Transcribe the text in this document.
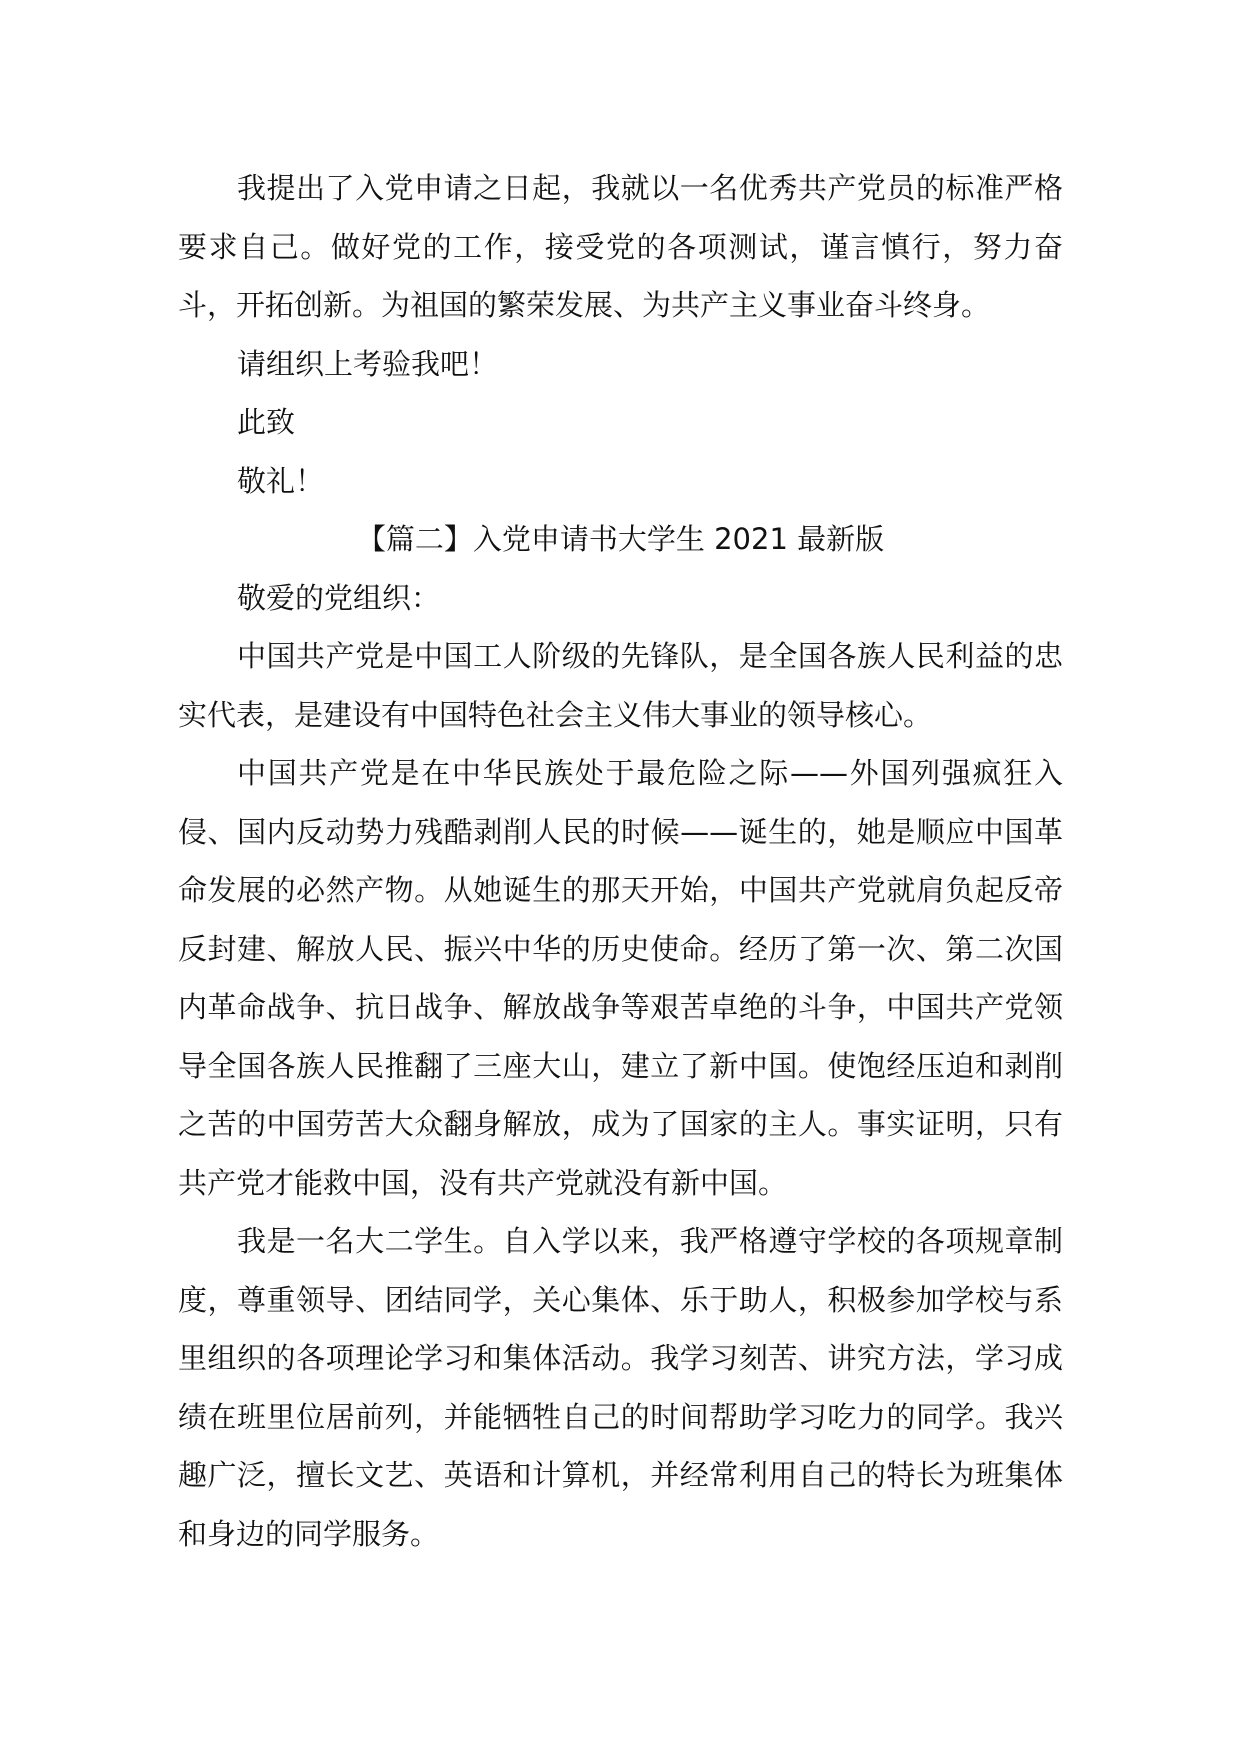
我提出了入党申请之日起，我就以一名优秀共产党员的标准严格要求自己。做好党的工作，接受党的各项测试，谨言慎行，努力奋斗，开拓创新。为祖国的繁荣发展、为共产主义事业奋斗终身。

请组织上考验我吧！

此致

敬礼！

【篇二】入党申请书大学生 2021 最新版

敬爱的党组织：

中国共产党是中国工人阶级的先锋队，是全国各族人民利益的忠实代表，是建设有中国特色社会主义伟大事业的领导核心。

中国共产党是在中华民族处于最危险之际——外国列强疯狂入侵、国内反动势力残酷剥削人民的时候——诞生的，她是顺应中国革命发展的必然产物。从她诞生的那天开始，中国共产党就肩负起反帝反封建、解放人民、振兴中华的历史使命。经历了第一次、第二次国内革命战争、抗日战争、解放战争等艰苦卓绝的斗争，中国共产党领导全国各族人民推翻了三座大山，建立了新中国。使饱经压迫和剥削之苦的中国劳苦大众翻身解放，成为了国家的主人。事实证明，只有共产党才能救中国，没有共产党就没有新中国。

我是一名大二学生。自入学以来，我严格遵守学校的各项规章制度，尊重领导、团结同学，关心集体、乐于助人，积极参加学校与系里组织的各项理论学习和集体活动。我学习刻苦、讲究方法，学习成绩在班里位居前列，并能牺牲自己的时间帮助学习吃力的同学。我兴趣广泛，擅长文艺、英语和计算机，并经常利用自己的特长为班集体和身边的同学服务。
